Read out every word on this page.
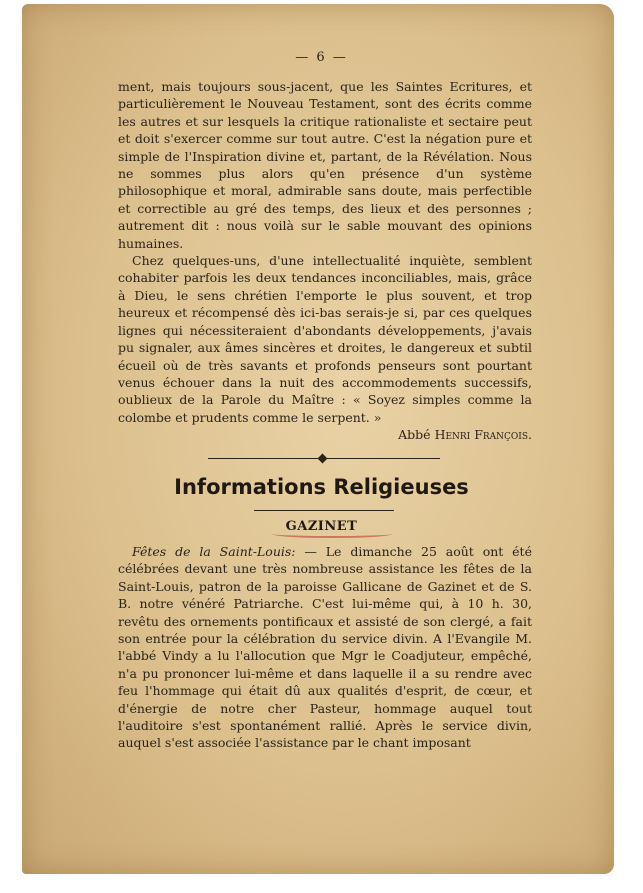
— 6 —

ment, mais toujours sous-jacent, que les Saintes Ecritures, et particulièrement le Nouveau Testament, sont des écrits comme les autres et sur lesquels la critique rationaliste et sectaire peut et doit s'exercer comme sur tout autre. C'est la négation pure et simple de l'Inspiration divine et, partant, de la Révélation. Nous ne sommes plus alors qu'en présence d'un système philosophique et moral, admirable sans doute, mais perfectible et correctible au gré des temps, des lieux et des personnes ; autrement dit : nous voilà sur le sable mouvant des opinions humaines.

Chez quelques-uns, d'une intellectualité inquiète, semblent cohabiter parfois les deux tendances inconciliables, mais, grâce à Dieu, le sens chrétien l'emporte le plus souvent, et trop heureux et récompensé dès ici-bas serais-je si, par ces quelques lignes qui nécessiteraient d'abondants développements, j'avais pu signaler, aux âmes sincères et droites, le dangereux et subtil écueil où de très savants et profonds penseurs sont pourtant venus échouer dans la nuit des accommodements successifs, oublieux de la Parole du Maître : « Soyez simples comme la colombe et prudents comme le serpent. »

Abbé Henri François.

Informations Religieuses
GAZINET

Fêtes de la Saint-Louis: — Le dimanche 25 août ont été célébrées devant une très nombreuse assistance les fêtes de la Saint-Louis, patron de la paroisse Gallicane de Gazinet et de S. B. notre vénéré Patriarche. C'est lui-même qui, à 10 h. 30, revêtu des ornements pontificaux et assisté de son clergé, a fait son entrée pour la célébration du service divin. A l'Evangile M. l'abbé Vindy a lu l'allocution que Mgr le Coadjuteur, empêché, n'a pu prononcer lui-même et dans laquelle il a su rendre avec feu l'hommage qui était dû aux qualités d'esprit, de cœur, et d'énergie de notre cher Pasteur, hommage auquel tout l'auditoire s'est spontanément rallié. Après le service divin, auquel s'est associée l'assistance par le chant imposant
